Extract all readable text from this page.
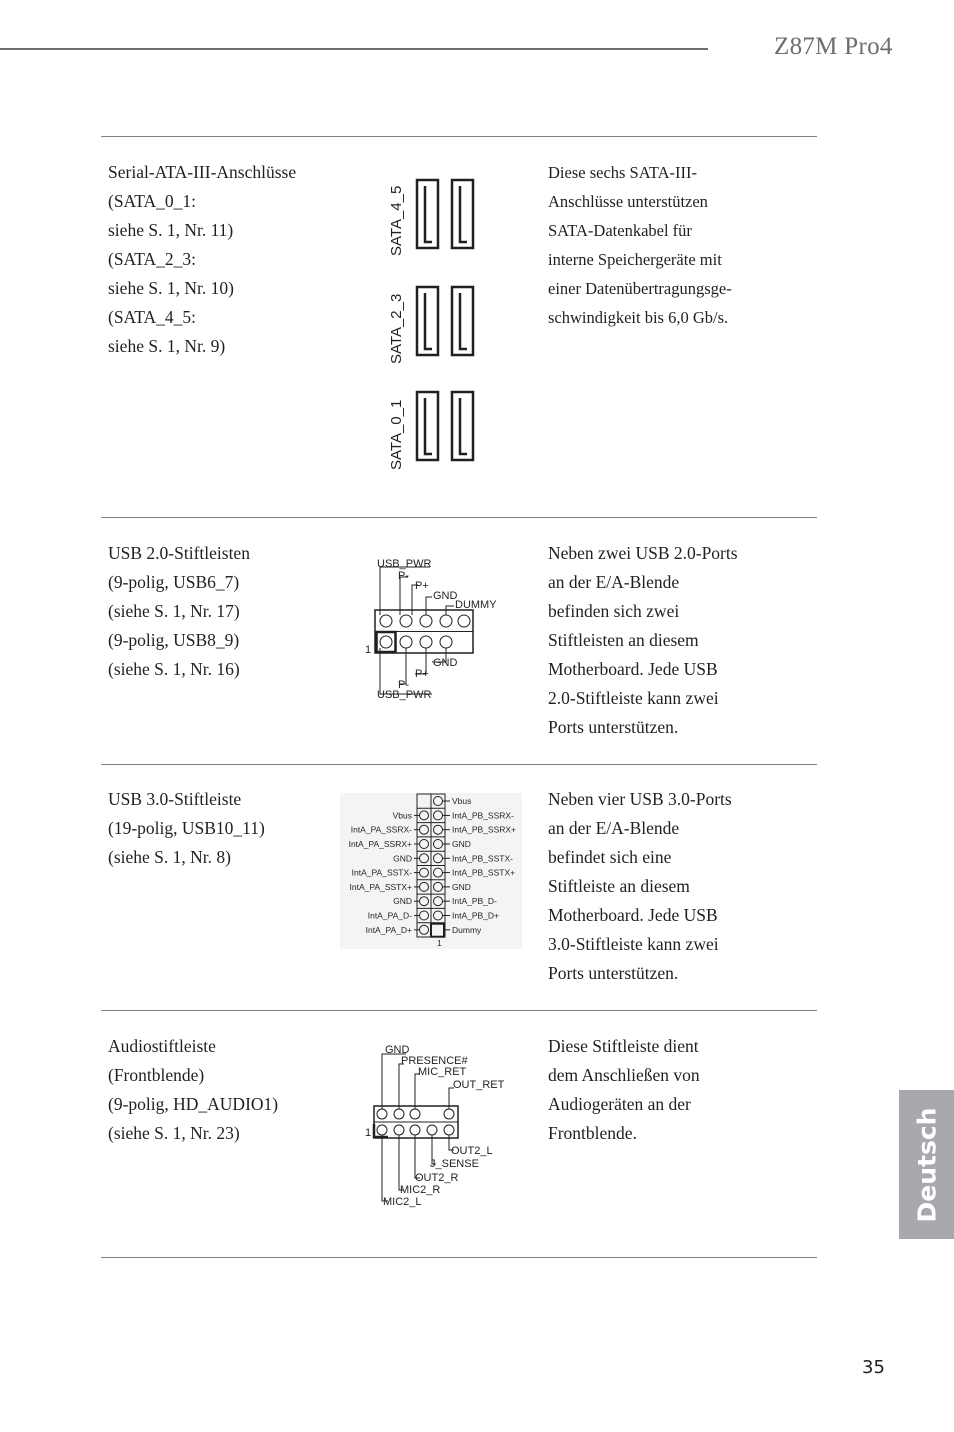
Z87M Pro4
Serial-ATA-III-Anschlüsse
(SATA_0_1:
siehe S. 1, Nr. 11)
(SATA_2_3:
siehe S. 1, Nr. 10)
(SATA_4_5:
siehe S. 1, Nr. 9)
Diese sechs SATA-III-
Anschlüsse unterstützen
SATA-Datenkabel für
interne Speichergeräte mit
einer Datenübertragungsge-
schwindigkeit bis 6,0 Gb/s.
SATA_4_5
SATA_2_3
SATA_0_1
USB 2.0-Stiftleisten
(9-polig, USB6_7)
(siehe S. 1, Nr. 17)
(9-polig, USB8_9)
(siehe S. 1, Nr. 16)
Neben zwei USB 2.0-Ports
an der E/A-Blende
befinden sich zwei
Stiftleisten an diesem
Motherboard. Jede USB
2.0-Stiftleiste kann zwei
Ports unterstützen.
USB_PWR
P-
P+
GND
DUMMY
GND
P+
P-
USB_PWR
1
USB 3.0-Stiftleiste
(19-polig, USB10_11)
(siehe S. 1, Nr. 8)
Neben vier USB 3.0-Ports
an der E/A-Blende
befindet sich eine
Stiftleiste an diesem
Motherboard. Jede USB
3.0-Stiftleiste kann zwei
Ports unterstützen.
Vbus
IntA_PA_SSRX-
IntA_PA_SSRX+
GND
IntA_PA_SSTX-
IntA_PA_SSTX+
GND
IntA_PA_D-
IntA_PA_D+
Vbus
IntA_PB_SSRX-
IntA_PB_SSRX+
GND
IntA_PB_SSTX-
IntA_PB_SSTX+
GND
IntA_PB_D-
IntA_PB_D+
Dummy
1
Audiostiftleiste
(Frontblende)
(9-polig, HD_AUDIO1)
(siehe S. 1, Nr. 23)
Diese Stiftleiste dient
dem Anschließen von
Audiogeräten an der
Frontblende.
GND
PRESENCE#
MIC_RET
OUT_RET
OUT2_L
J_SENSE
OUT2_R
MIC2_R
MIC2_L
1	Deutsch
35
